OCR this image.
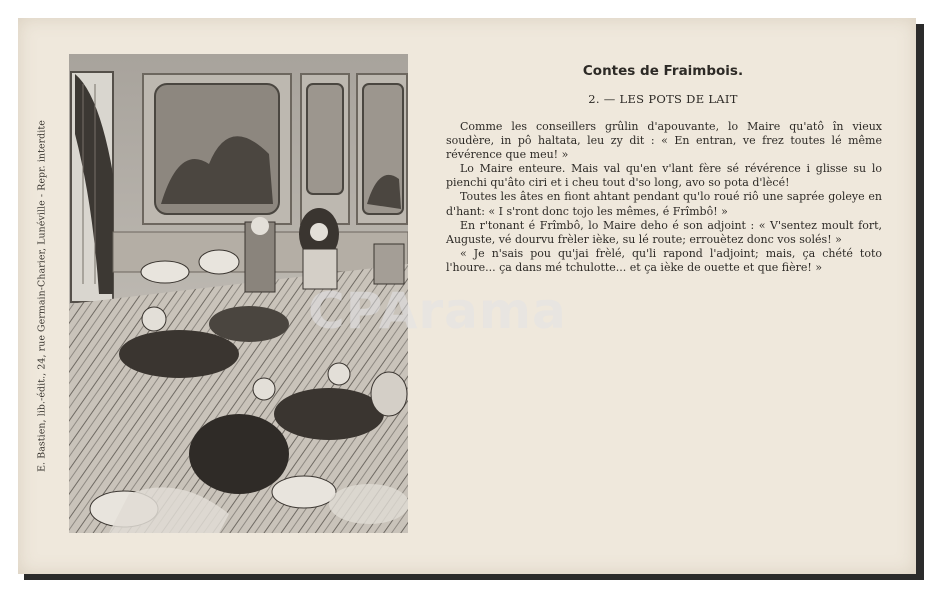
E. Bastien, lib.-édit., 24, rue Germain-Charier, Lunéville - Repr. interdite
Contes de Fraimbois.
2. — LES POTS DE LAIT

Comme les conseillers grûlin d'apouvante, lo Maire qu'atô în vieux soudère, in pô haltata, leu zy dit : « En entran, ve frez toutes lé même révérence que meu! »

Lo Maire enteure. Mais val qu'en v'lant fère sé révérence i glisse su lo pienchi qu'âto ciri et i cheu tout d'so long, avo so pota d'lècé!

Toutes les âtes en fiont ahtant pendant qu'lo roué riô une saprée goleye en d'hant: « I s'ront donc tojo les mêmes, é Frîmbô! »

En r'tonant é Frîmbô, lo Maire deho é son adjoint : « V'sentez moult fort, Auguste, vé dourvu frèler ièke, su lé route; errouètez donc vos solés! »

« Je n'sais pou qu'jai frèlé, qu'li rapond l'adjoint; mais, ça chété toto l'houre... ça dans mé tchulotte... et ça ièke de ouette et que fière! »

CPArama
